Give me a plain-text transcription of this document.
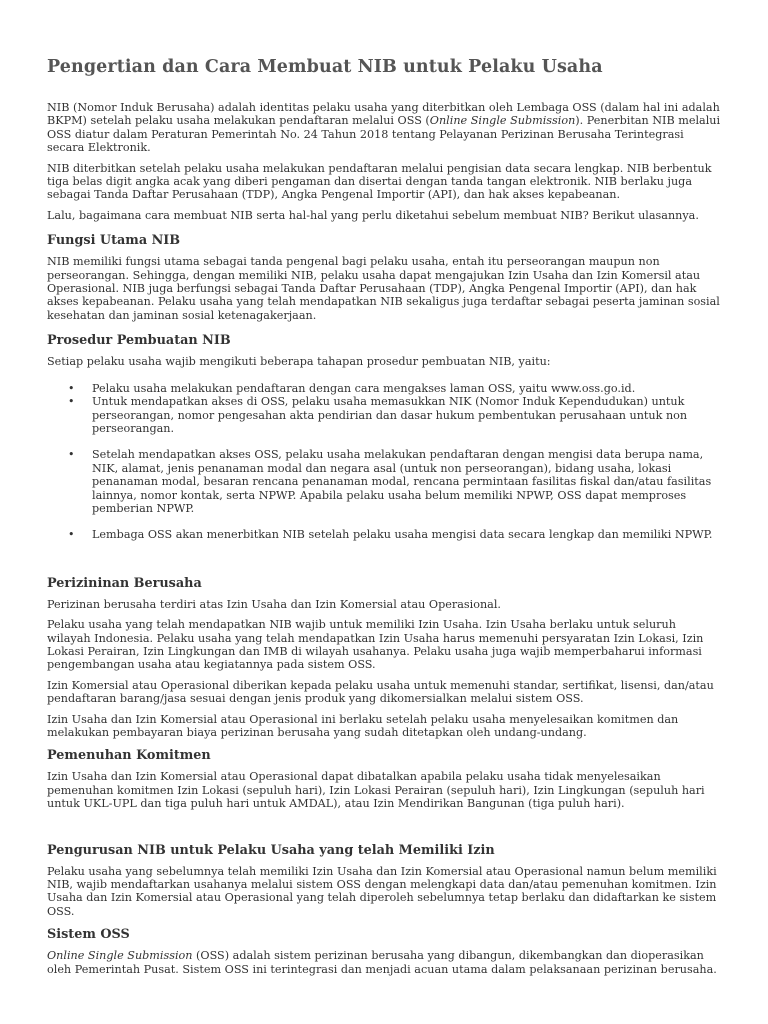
Pengertian dan Cara Membuat NIB untuk Pelaku Usaha

NIB (Nomor Induk Berusaha) adalah identitas pelaku usaha yang diterbitkan oleh Lembaga OSS (dalam hal ini adalah BKPM) setelah pelaku usaha melakukan pendaftaran melalui OSS (Online Single Submission). Penerbitan NIB melalui OSS diatur dalam Peraturan Pemerintah No. 24 Tahun 2018 tentang Pelayanan Perizinan Berusaha Terintegrasi secara Elektronik.

NIB diterbitkan setelah pelaku usaha melakukan pendaftaran melalui pengisian data secara lengkap. NIB berbentuk tiga belas digit angka acak yang diberi pengaman dan disertai dengan tanda tangan elektronik. NIB berlaku juga sebagai Tanda Daftar Perusahaan (TDP), Angka Pengenal Importir (API), dan hak akses kepabeanan.

Lalu, bagaimana cara membuat NIB serta hal-hal yang perlu diketahui sebelum membuat NIB? Berikut ulasannya.

Fungsi Utama NIB

NIB memiliki fungsi utama sebagai tanda pengenal bagi pelaku usaha, entah itu perseorangan maupun non perseorangan. Sehingga, dengan memiliki NIB, pelaku usaha dapat mengajukan Izin Usaha dan Izin Komersil atau Operasional. NIB juga berfungsi sebagai Tanda Daftar Perusahaan (TDP), Angka Pengenal Importir (API), dan hak akses kepabeanan. Pelaku usaha yang telah mendapatkan NIB sekaligus juga terdaftar sebagai peserta jaminan sosial kesehatan dan jaminan sosial ketenagakerjaan.

Prosedur Pembuatan NIB

Setiap pelaku usaha wajib mengikuti beberapa tahapan prosedur pembuatan NIB, yaitu:

• Pelaku usaha melakukan pendaftaran dengan cara mengakses laman OSS, yaitu www.oss.go.id.
• Untuk mendapatkan akses di OSS, pelaku usaha memasukkan NIK (Nomor Induk Kependudukan) untuk perseorangan, nomor pengesahan akta pendirian dan dasar hukum pembentukan perusahaan untuk non perseorangan.
• Setelah mendapatkan akses OSS, pelaku usaha melakukan pendaftaran dengan mengisi data berupa nama, NIK, alamat, jenis penanaman modal dan negara asal (untuk non perseorangan), bidang usaha, lokasi penanaman modal, besaran rencana penanaman modal, rencana permintaan fasilitas fiskal dan/atau fasilitas lainnya, nomor kontak, serta NPWP. Apabila pelaku usaha belum memiliki NPWP, OSS dapat memproses pemberian NPWP.
• Lembaga OSS akan menerbitkan NIB setelah pelaku usaha mengisi data secara lengkap dan memiliki NPWP.
Perizininan Berusaha

Perizinan berusaha terdiri atas Izin Usaha dan Izin Komersial atau Operasional.

Pelaku usaha yang telah mendapatkan NIB wajib untuk memiliki Izin Usaha. Izin Usaha berlaku untuk seluruh wilayah Indonesia. Pelaku usaha yang telah mendapatkan Izin Usaha harus memenuhi persyaratan Izin Lokasi, Izin Lokasi Perairan, Izin Lingkungan dan IMB di wilayah usahanya. Pelaku usaha juga wajib memperbaharui informasi pengembangan usaha atau kegiatannya pada sistem OSS.

Izin Komersial atau Operasional diberikan kepada pelaku usaha untuk memenuhi standar, sertifikat, lisensi, dan/atau pendaftaran barang/jasa sesuai dengan jenis produk yang dikomersialkan melalui sistem OSS.

Izin Usaha dan Izin Komersial atau Operasional ini berlaku setelah pelaku usaha menyelesaikan komitmen dan melakukan pembayaran biaya perizinan berusaha yang sudah ditetapkan oleh undang-undang.

Pemenuhan Komitmen

Izin Usaha dan Izin Komersial atau Operasional dapat dibatalkan apabila pelaku usaha tidak menyelesaikan pemenuhan komitmen Izin Lokasi (sepuluh hari), Izin Lokasi Perairan (sepuluh hari), Izin Lingkungan (sepuluh hari untuk UKL-UPL dan tiga puluh hari untuk AMDAL), atau Izin Mendirikan Bangunan (tiga puluh hari).

Pengurusan NIB untuk Pelaku Usaha yang telah Memiliki Izin

Pelaku usaha yang sebelumnya telah memiliki Izin Usaha dan Izin Komersial atau Operasional namun belum memiliki NIB, wajib mendaftarkan usahanya melalui sistem OSS dengan melengkapi data dan/atau pemenuhan komitmen. Izin Usaha dan Izin Komersial atau Operasional yang telah diperoleh sebelumnya tetap berlaku dan didaftarkan ke sistem OSS.

Sistem OSS

Online Single Submission (OSS) adalah sistem perizinan berusaha yang dibangun, dikembangkan dan dioperasikan oleh Pemerintah Pusat. Sistem OSS ini terintegrasi dan menjadi acuan utama dalam pelaksanaan perizinan berusaha.
